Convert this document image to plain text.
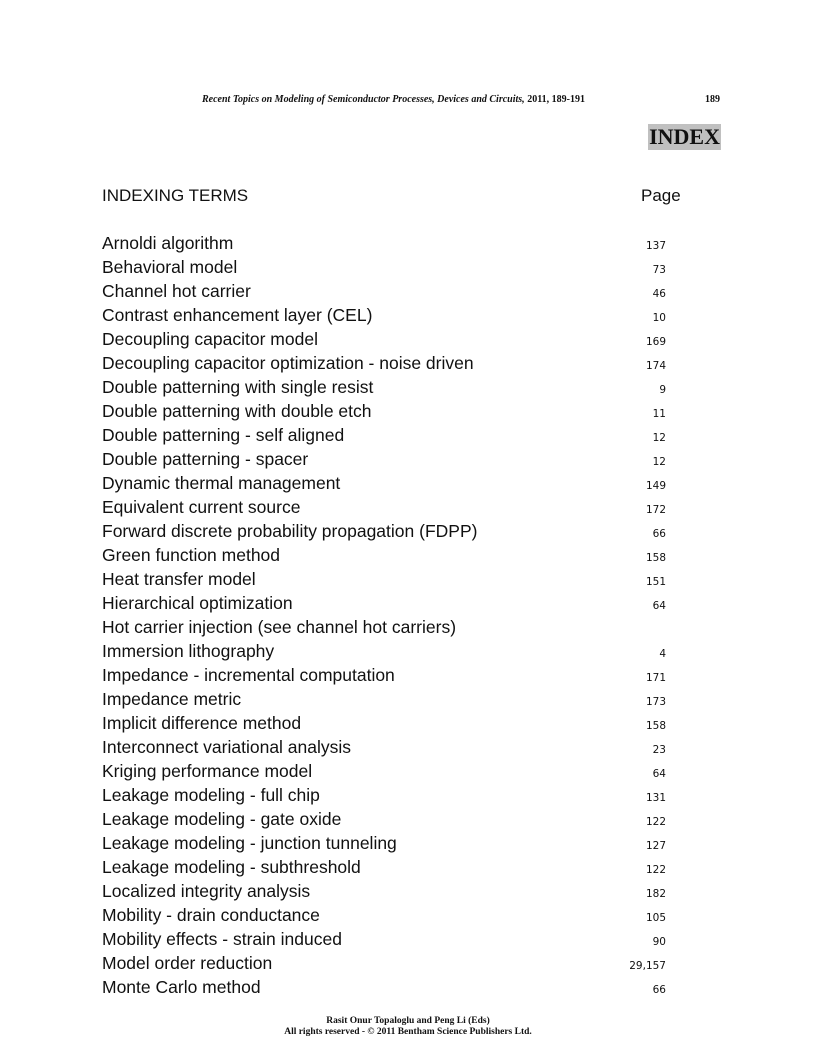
Recent Topics on Modeling of Semiconductor Processes, Devices and Circuits, 2011, 189-191	189
INDEX
INDEXING TERMS	Page
Arnoldi algorithm	137
Behavioral model	73
Channel hot carrier	46
Contrast enhancement layer (CEL)	10
Decoupling capacitor model	169
Decoupling capacitor optimization - noise driven	174
Double patterning with single resist	9
Double patterning with double etch	11
Double patterning - self aligned	12
Double patterning - spacer	12
Dynamic thermal management	149
Equivalent current source	172
Forward discrete probability propagation (FDPP)	66
Green function method	158
Heat transfer model	151
Hierarchical optimization	64
Hot carrier injection (see channel hot carriers)
Immersion lithography	4
Impedance - incremental computation	171
Impedance metric	173
Implicit difference method	158
Interconnect variational analysis	23
Kriging performance model	64
Leakage modeling - full chip	131
Leakage modeling - gate oxide	122
Leakage modeling - junction tunneling	127
Leakage modeling - subthreshold	122
Localized integrity analysis	182
Mobility - drain conductance	105
Mobility effects - strain induced	90
Model order reduction	29,157
Monte Carlo method	66
Rasit Onur Topaloglu and Peng Li (Eds)
All rights reserved - © 2011 Bentham Science Publishers Ltd.
